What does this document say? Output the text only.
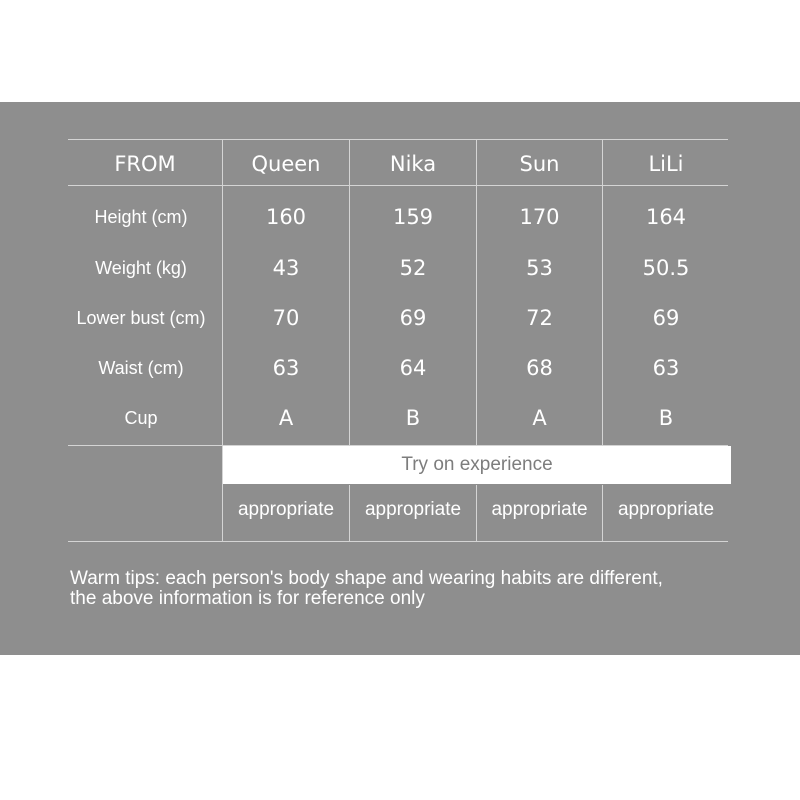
FROM	Queen	Nika	Sun	LiLi
Height (cm)	160	159	170	164
Weight (kg)	43	52	53	50.5
Lower bust (cm)	70	69	72	69
Waist (cm)	63	64	68	63
Cup	A	B	A	B
Try on experience
appropriate	appropriate	appropriate	appropriate
Warm tips: each person's body shape and wearing habits are different,
the above information is for reference only
